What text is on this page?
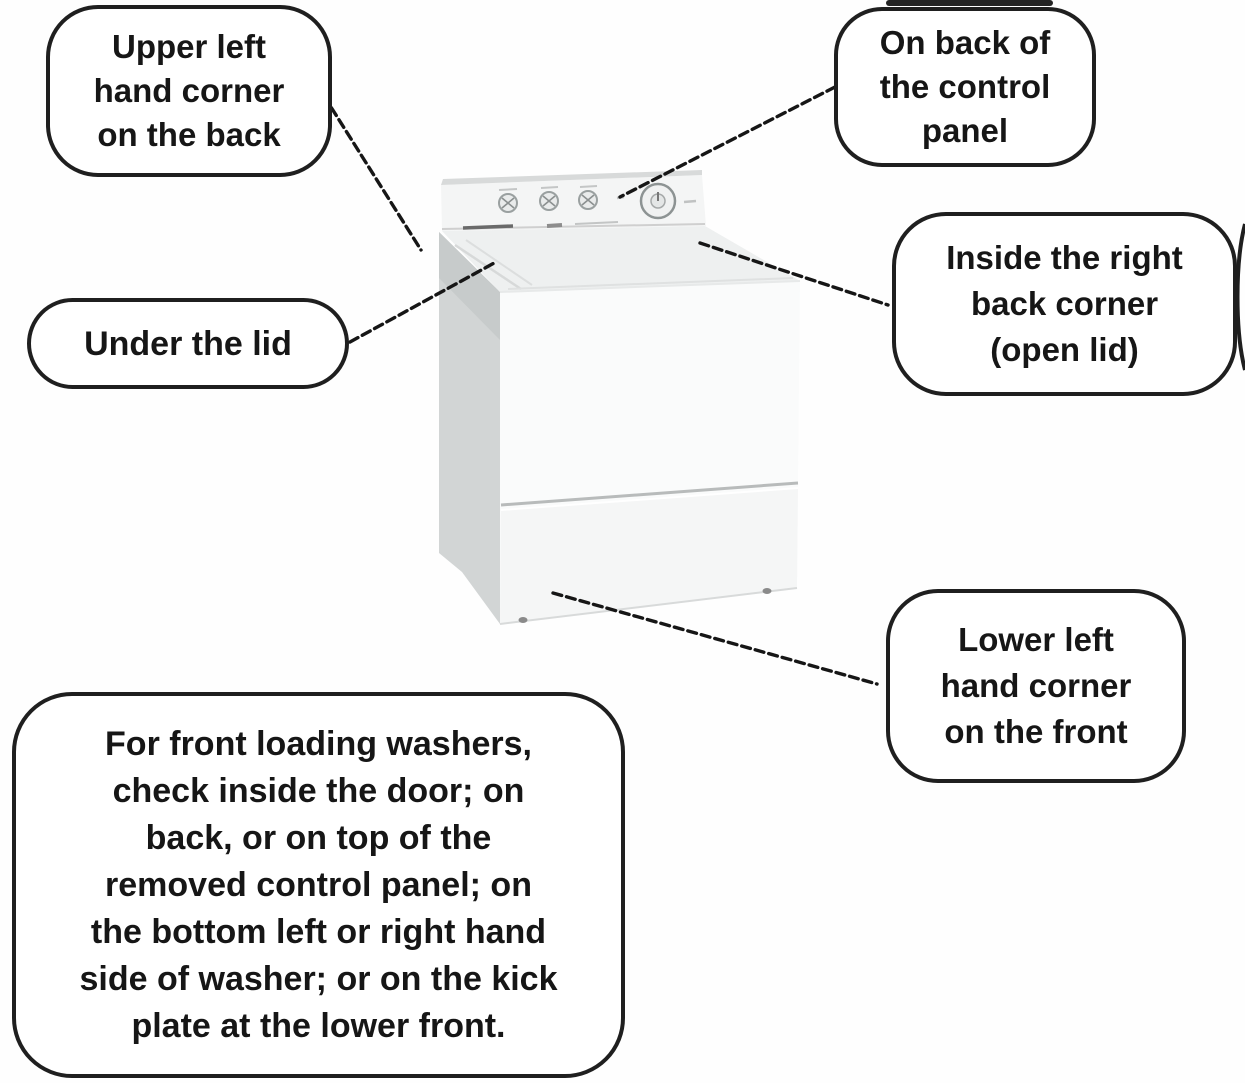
Upper left
hand corner
on the back
On back of
the control
panel
Under the lid
Inside the right
back corner
(open lid)
Lower left
hand corner
on the front
For front loading washers,
check inside the door; on
back, or on top of the
removed control panel; on
the bottom left or right hand
side of washer; or on the kick
plate at the lower front.
